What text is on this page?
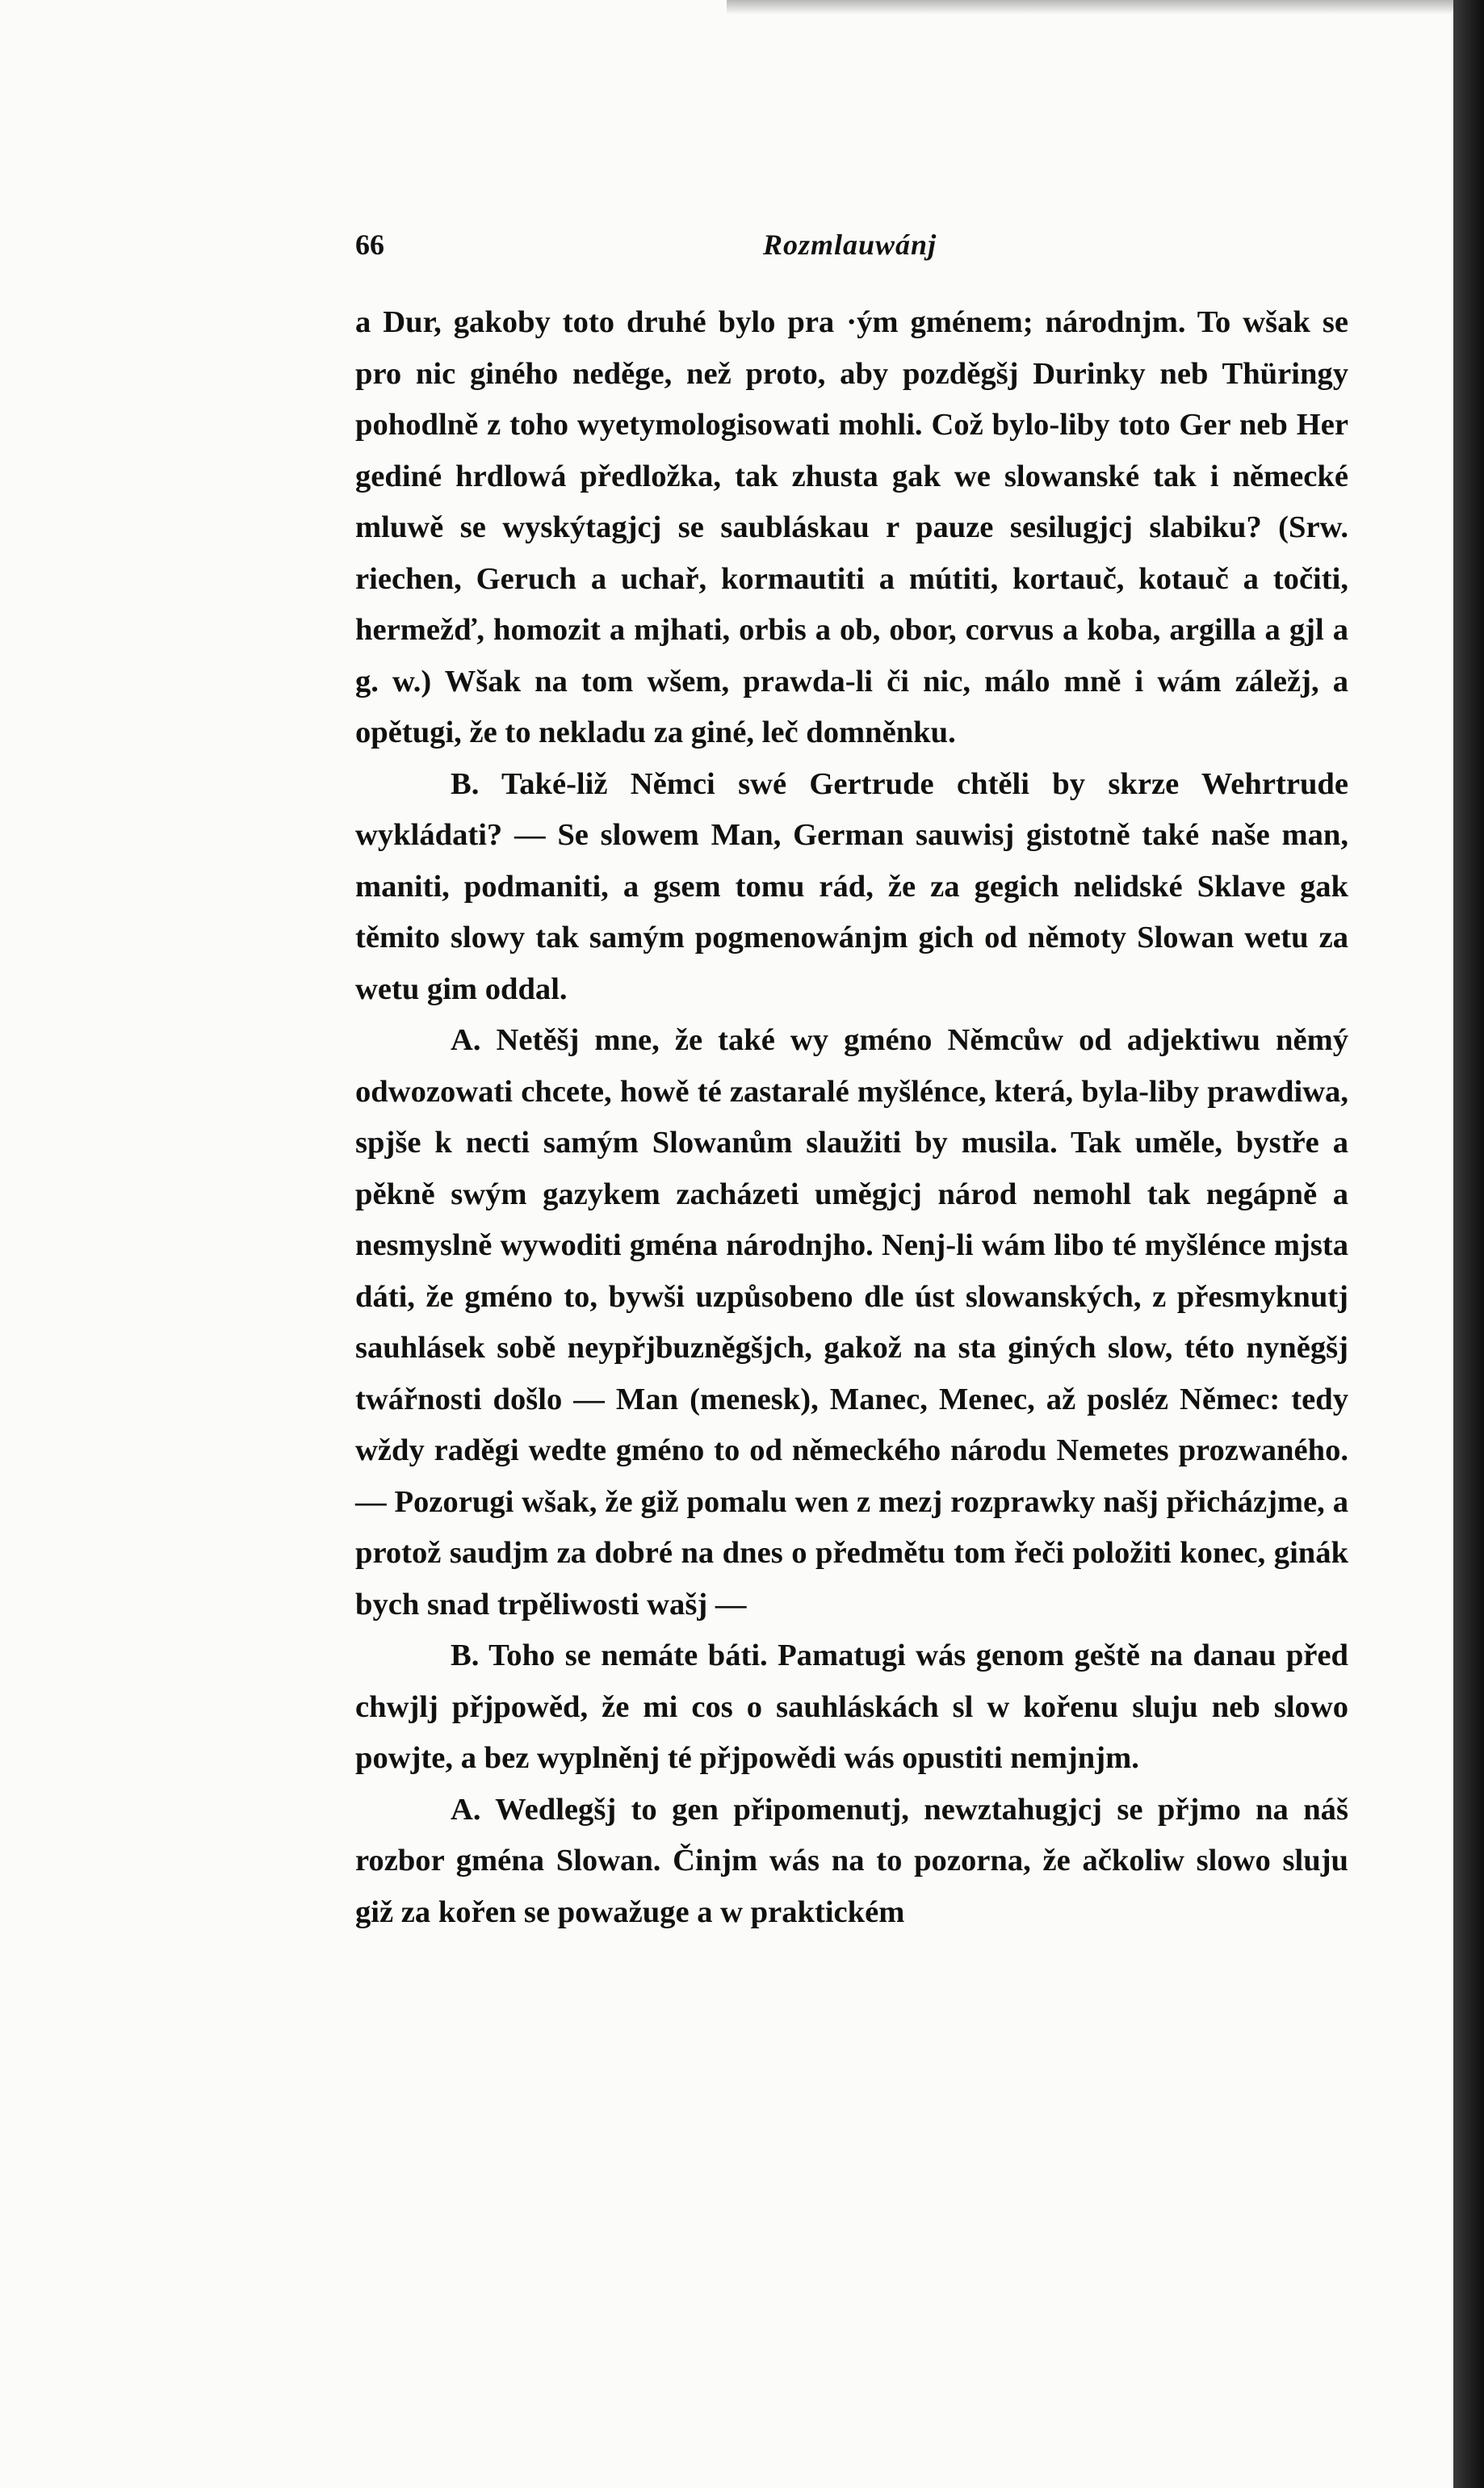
66	Rozmlauwánj

a Dur, gakoby toto druhé bylo pra ·ým gménem; národnjm. To wšak se pro nic giného neděge, než proto, aby pozděgšj Durinky neb Thüringy pohodlně z toho wyetymologisowati mohli. Což bylo-liby toto Ger neb Her gediné hrdlowá předložka, tak zhusta gak we slowanské tak i německé mluwě se wyskýtagjcj se saubláskau r pauze sesilugjcj slabiku? (Srw. riechen, Geruch a uchař, kormautiti a mútiti, kortauč, kotauč a točiti, hermežď, homozit a mjhati, orbis a ob, obor, corvus a koba, argilla a gjl a g. w.) Wšak na tom wšem, prawda-li či nic, málo mně i wám záležj, a opětugi, že to nekladu za giné, leč domněnku.

B. Také-liž Němci swé Gertrude chtěli by skrze Wehrtrude wykládati? — Se slowem Man, German sauwisj gistotně také naše man, maniti, podmaniti, a gsem tomu rád, že za gegich nelidské Sklave gak těmito slowy tak samým pogmenowánjm gich od němoty Slowan wetu za wetu gim oddal.

A. Netěšj mne, že také wy gméno Němcůw od adjektiwu němý odwozowati chcete, howě té zastaralé myšlénce, která, byla-liby prawdiwa, spjše k necti samým Slowanům slaužiti by musila. Tak uměle, bystře a pěkně swým gazykem zacházeti uměgjcj národ nemohl tak negápně a nesmyslně wywoditi gména národnjho. Nenj-li wám libo té myšlénce mjsta dáti, že gméno to, bywši uzpůsobeno dle úst slowanských, z přesmyknutj sauhlásek sobě neypřjbuzněgšjch, gakož na sta giných slow, této nyněgšj twářnosti došlo — Man (menesk), Manec, Menec, až posléz Němec: tedy wždy raděgi wedte gméno to od německého národu Nemetes prozwaného. — Pozorugi wšak, že giž pomalu wen z mezj rozprawky našj přicházjme, a protož saudjm za dobré na dnes o předmětu tom řeči položiti konec, ginák bych snad trpěliwosti wašj —

B. Toho se nemáte báti. Pamatugi wás genom geště na danau před chwjlj přjpowěd, že mi cos o sauhláskách sl w kořenu sluju neb slowo powjte, a bez wyplněnj té přjpowědi wás opustiti nemjnjm.

A. Wedlegšj to gen připomenutj, newztahugjcj se přjmo na náš rozbor gména Slowan. Činjm wás na to pozorna, že ačkoliw slowo sluju giž za kořen se powažuge a w praktickém
